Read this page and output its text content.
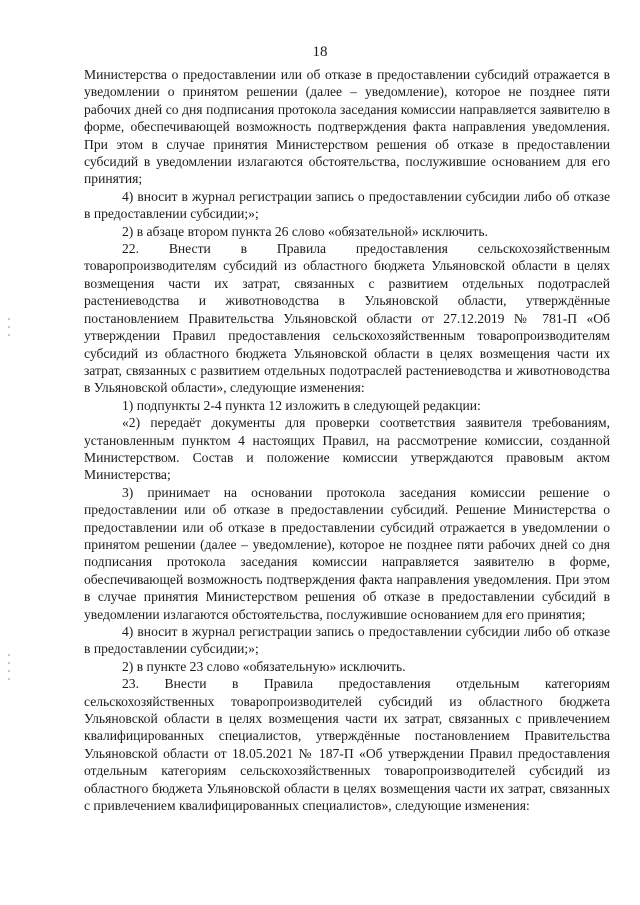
18

Министерства о предоставлении или об отказе в предоставлении субсидий отражается в уведомлении о принятом решении (далее – уведомление), которое не позднее пяти рабочих дней со дня подписания протокола заседания комиссии направляется заявителю в форме, обеспечивающей возможность подтверждения факта направления уведомления. При этом в случае принятия Министерством решения об отказе в предоставлении субсидий в уведомлении излагаются обстоятельства, послужившие основанием для его принятия;

4) вносит в журнал регистрации запись о предоставлении субсидии либо об отказе в предоставлении субсидии;»;

2) в абзаце втором пункта 26 слово «обязательной» исключить.

22. Внести в Правила предоставления сельскохозяйственным товаропроизводителям субсидий из областного бюджета Ульяновской области в целях возмещения части их затрат, связанных с развитием отдельных подотраслей растениеводства и животноводства в Ульяновской области, утверждённые постановлением Правительства Ульяновской области от 27.12.2019 № 781-П «Об утверждении Правил предоставления сельскохозяйственным товаропроизводителям субсидий из областного бюджета Ульяновской области в целях возмещения части их затрат, связанных с развитием отдельных подотраслей растениеводства и животноводства в Ульяновской области», следующие изменения:

1) подпункты 2-4 пункта 12 изложить в следующей редакции:

«2) передаёт документы для проверки соответствия заявителя требованиям, установленным пунктом 4 настоящих Правил, на рассмотрение комиссии, созданной Министерством. Состав и положение комиссии утверждаются правовым актом Министерства;

3) принимает на основании протокола заседания комиссии решение о предоставлении или об отказе в предоставлении субсидий. Решение Министерства о предоставлении или об отказе в предоставлении субсидий отражается в уведомлении о принятом решении (далее – уведомление), которое не позднее пяти рабочих дней со дня подписания протокола заседания комиссии направляется заявителю в форме, обеспечивающей возможность подтверждения факта направления уведомления. При этом в случае принятия Министерством решения об отказе в предоставлении субсидий в уведомлении излагаются обстоятельства, послужившие основанием для его принятия;

4) вносит в журнал регистрации запись о предоставлении субсидии либо об отказе в предоставлении субсидии;»;

2) в пункте 23 слово «обязательную» исключить.

23. Внести в Правила предоставления отдельным категориям сельскохозяйственных товаропроизводителей субсидий из областного бюджета Ульяновской области в целях возмещения части их затрат, связанных с привлечением квалифицированных специалистов, утверждённые постановлением Правительства Ульяновской области от 18.05.2021 № 187-П «Об утверждении Правил предоставления отдельным категориям сельскохозяйственных товаропроизводителей субсидий из областного бюджета Ульяновской области в целях возмещения части их затрат, связанных с привлечением квалифицированных специалистов», следующие изменения:
